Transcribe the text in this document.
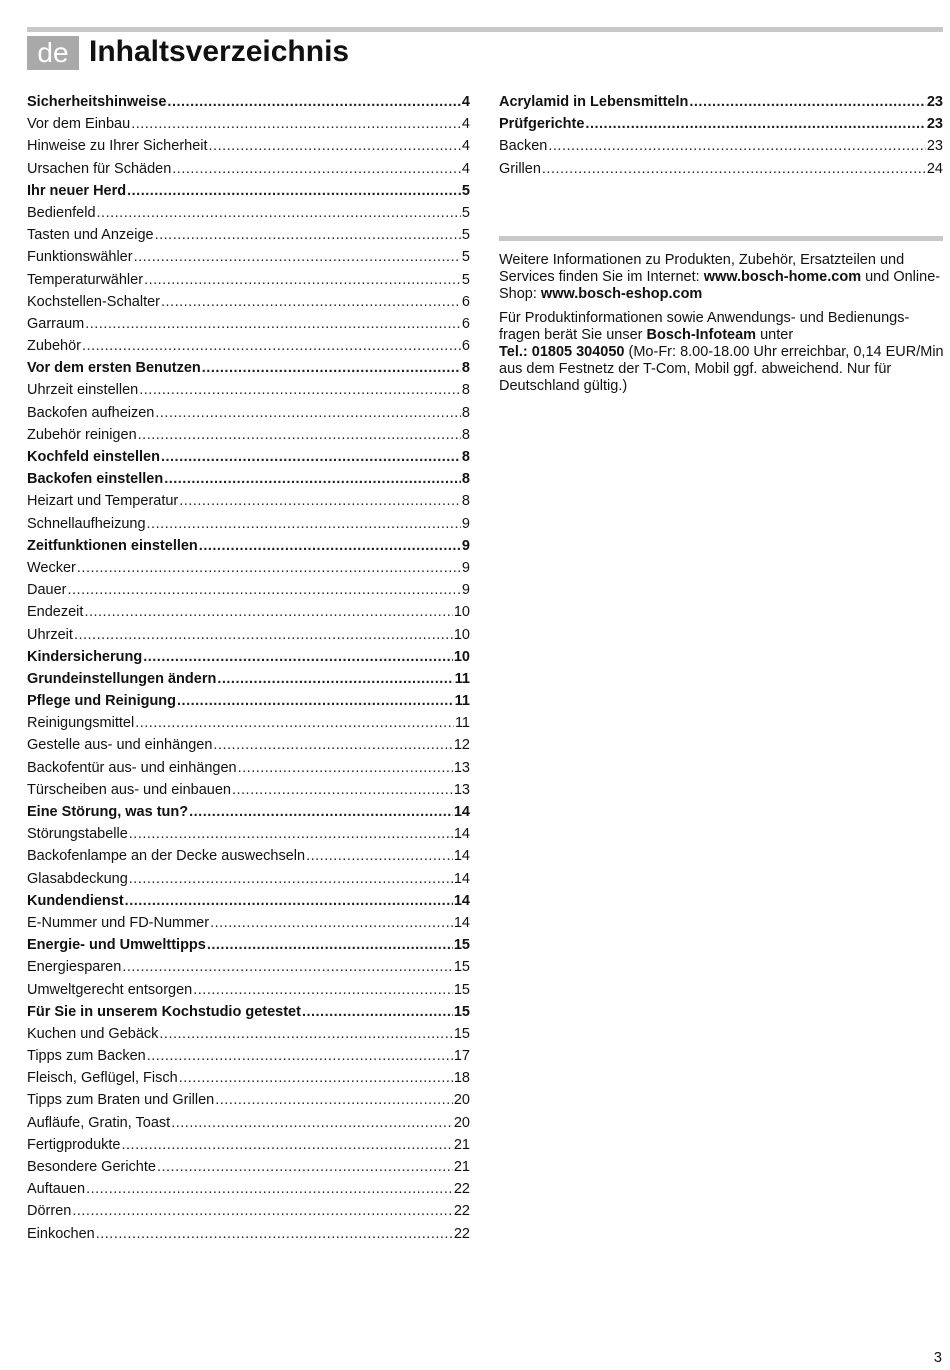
de Inhaltsverzeichnis
Sicherheitshinweise .....	4
Vor dem Einbau .....	4
Hinweise zu Ihrer Sicherheit .....	4
Ursachen für Schäden .....	4
Ihr neuer Herd .....	5
Bedienfeld .....	5
Tasten und Anzeige .....	5
Funktionswähler .....	5
Temperaturwähler .....	5
Kochstellen-Schalter .....	6
Garraum .....	6
Zubehör .....	6
Vor dem ersten Benutzen .....	8
Uhrzeit einstellen .....	8
Backofen aufheizen .....	8
Zubehör reinigen .....	8
Kochfeld einstellen .....	8
Backofen einstellen .....	8
Heizart und Temperatur .....	8
Schnellaufheizung .....	9
Zeitfunktionen einstellen .....	9
Wecker .....	9
Dauer .....	9
Endezeit .....	10
Uhrzeit .....	10
Kindersicherung .....	10
Grundeinstellungen ändern .....	11
Pflege und Reinigung .....	11
Reinigungsmittel .....	11
Gestelle aus- und einhängen .....	12
Backofentür aus- und einhängen .....	13
Türscheiben aus- und einbauen .....	13
Eine Störung, was tun? .....	14
Störungstabelle .....	14
Backofenlampe an der Decke auswechseln .....	14
Glasabdeckung .....	14
Kundendienst .....	14
E-Nummer und FD-Nummer .....	14
Energie- und Umwelttipps .....	15
Energiesparen .....	15
Umweltgerecht entsorgen .....	15
Für Sie in unserem Kochstudio getestet .....	15
Kuchen und Gebäck .....	15
Tipps zum Backen .....	17
Fleisch, Geflügel, Fisch .....	18
Tipps zum Braten und Grillen .....	20
Aufläufe, Gratin, Toast .....	20
Fertigprodukte .....	21
Besondere Gerichte .....	21
Auftauen .....	22
Dörren .....	22
Einkochen .....	22
Acrylamid in Lebensmitteln .....	23
Prüfgerichte .....	23
Backen .....	23
Grillen .....	24

Weitere Informationen zu Produkten, Zubehör, Ersatzteilen und Services finden Sie im Internet: www.bosch-home.com und Online-Shop: www.bosch-eshop.com

Für Produktinformationen sowie Anwendungs- und Bedienungs-fragen berät Sie unser Bosch-Infoteam unter
Tel.: 01805 304050 (Mo-Fr: 8.00-18.00 Uhr erreichbar, 0,14 EUR/Min aus dem Festnetz der T-Com, Mobil ggf. abweichend. Nur für Deutschland gültig.)

3
